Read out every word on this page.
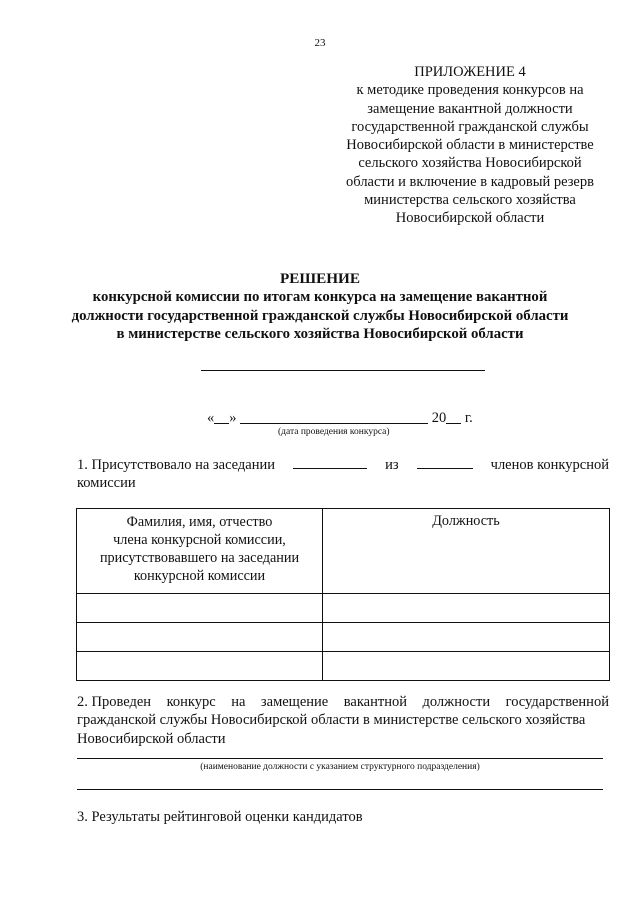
23
ПРИЛОЖЕНИЕ 4
к методике проведения конкурсов на
замещение вакантной должности
государственной гражданской службы
Новосибирской области в министерстве
сельского хозяйства Новосибирской
области и включение в кадровый резерв
министерства сельского хозяйства
Новосибирской области
РЕШЕНИЕ
конкурсной комиссии по итогам конкурса на замещение вакантной
должности государственной гражданской службы Новосибирской области
в министерстве сельского хозяйства Новосибирской области
« »	20 г.
(дата проведения конкурса)
1. Присутствовало на заседании	из	членов конкурсной
комиссии
Фамилия, имя, отчество
члена конкурсной комиссии,
присутствовавшего на заседании
конкурсной комиссии	Должность

2. Проведен конкурс на замещение вакантной должности государственной
гражданской службы Новосибирской области в министерстве сельского хозяйства
Новосибирской области
(наименование должности с указанием структурного подразделения)
3. Результаты рейтинговой оценки кандидатов
